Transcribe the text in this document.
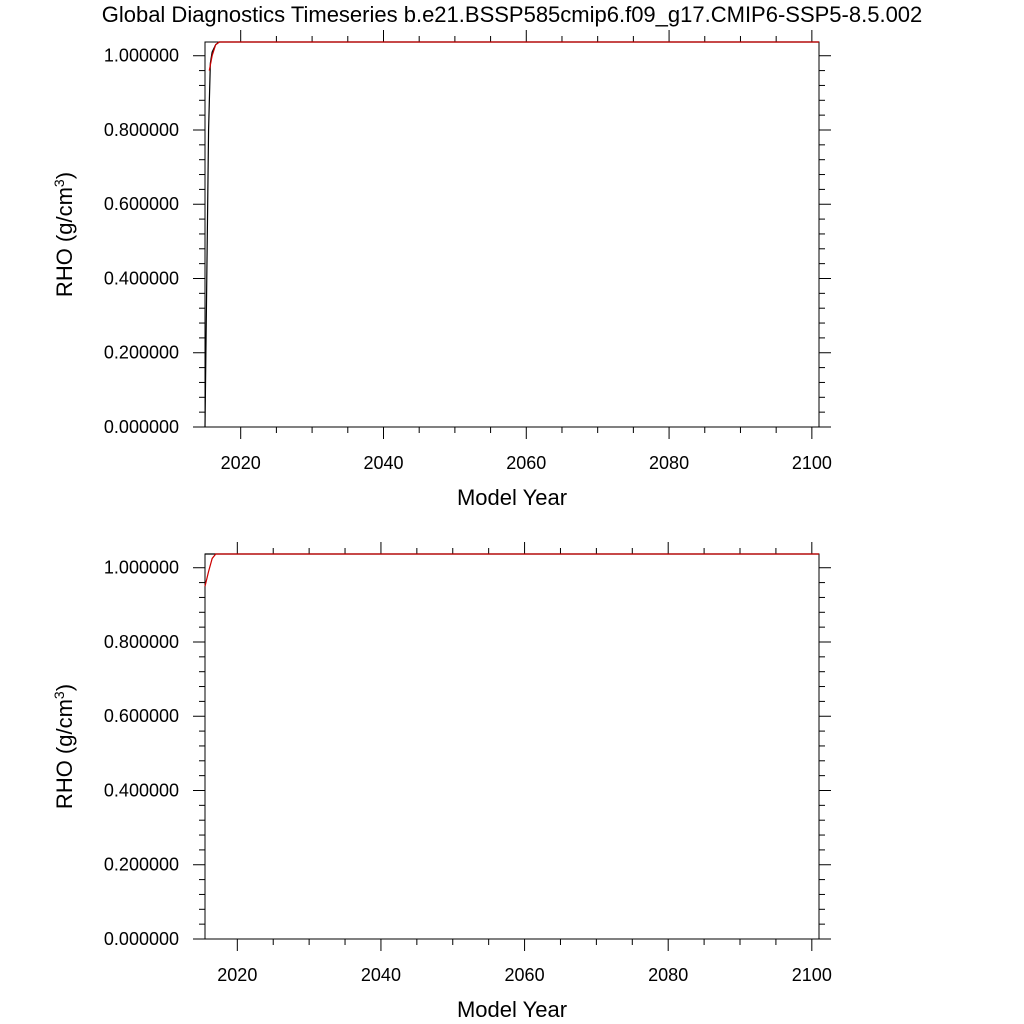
Global Diagnostics Timeseries b.e21.BSSP585cmip6.f09_g17.CMIP6-SSP5-8.5.002
0.000000
0.200000
0.400000
0.600000
0.800000
1.000000
2020	2040	2060	2080	2100
Model Year
RHO $(g/cm^3)$
0.000000
0.200000
0.400000
0.600000
0.800000
1.000000
2020	2040	2060	2080	2100
Model Year
RHO $(g/cm^3)$
